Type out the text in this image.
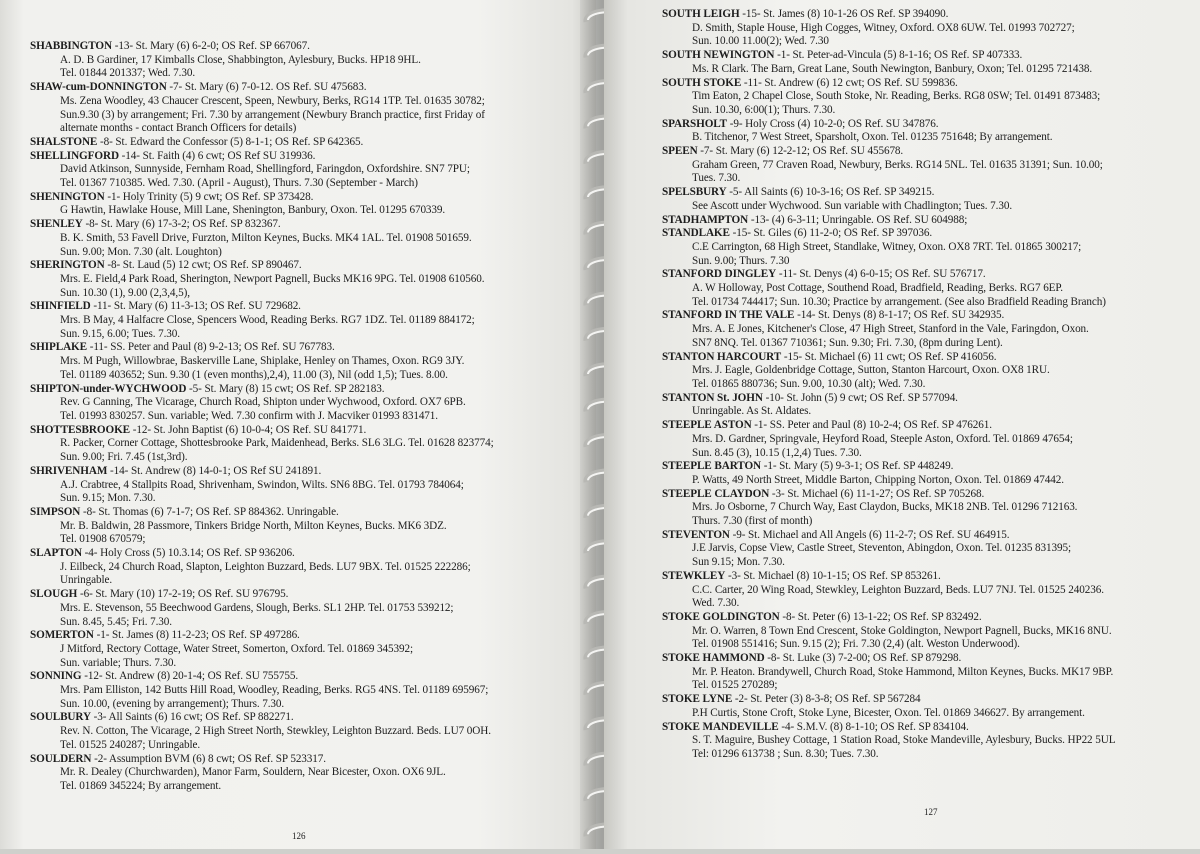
SHABBINGTON -13- St. Mary (6) 6-2-0; OS Ref. SP 667067.
A. D. B Gardiner, 17 Kimballs Close, Shabbington, Aylesbury, Bucks. HP18 9HL.
Tel. 01844 201337; Wed. 7.30.
SHAW-cum-DONNINGTON -7- St. Mary (6) 7-0-12. OS Ref. SU 475683.
Ms. Zena Woodley, 43 Chaucer Crescent, Speen, Newbury, Berks, RG14 1TP. Tel. 01635 30782;
Sun.9.30 (3) by arrangement; Fri. 7.30 by arrangement (Newbury Branch practice, first Friday of
alternate months - contact Branch Officers for details)
SHALSTONE -8- St. Edward the Confessor (5) 8-1-1; OS Ref. SP 642365.
SHELLINGFORD -14- St. Faith (4) 6 cwt; OS Ref SU 319936.
David Atkinson, Sunnyside, Fernham Road, Shellingford, Faringdon, Oxfordshire. SN7 7PU;
Tel. 01367 710385. Wed. 7.30. (April - August), Thurs. 7.30 (September - March)
SHENINGTON -1- Holy Trinity (5) 9 cwt; OS Ref. SP 373428.
G Hawtin, Hawlake House, Mill Lane, Shenington, Banbury, Oxon. Tel. 01295 670339.
SHENLEY -8- St. Mary (6) 17-3-2; OS Ref. SP 832367.
B. K. Smith, 53 Favell Drive, Furzton, Milton Keynes, Bucks. MK4 1AL. Tel. 01908 501659.
Sun. 9.00; Mon. 7.30 (alt. Loughton)
SHERINGTON -8- St. Laud (5) 12 cwt; OS Ref. SP 890467.
Mrs. E. Field,4 Park Road, Sherington, Newport Pagnell, Bucks MK16 9PG. Tel. 01908 610560.
Sun. 10.30 (1), 9.00 (2,3,4,5),
SHINFIELD -11- St. Mary (6) 11-3-13; OS Ref. SU 729682.
Mrs. B May, 4 Halfacre Close, Spencers Wood, Reading Berks. RG7 1DZ. Tel. 01189 884172;
Sun. 9.15, 6.00; Tues. 7.30.
SHIPLAKE -11- SS. Peter and Paul (8) 9-2-13; OS Ref. SU 767783.
Mrs. M Pugh, Willowbrae, Baskerville Lane, Shiplake, Henley on Thames, Oxon. RG9 3JY.
Tel. 01189 403652; Sun. 9.30 (1 (even months),2,4), 11.00 (3), Nil (odd 1,5); Tues. 8.00.
SHIPTON-under-WYCHWOOD -5- St. Mary (8) 15 cwt; OS Ref. SP 282183.
Rev. G Canning, The Vicarage, Church Road, Shipton under Wychwood, Oxford. OX7 6PB.
Tel. 01993 830257. Sun. variable; Wed. 7.30 confirm with J. Macviker 01993 831471.
SHOTTESBROOKE -12- St. John Baptist (6) 10-0-4; OS Ref. SU 841771.
R. Packer, Corner Cottage, Shottesbrooke Park, Maidenhead, Berks. SL6 3LG. Tel. 01628 823774;
Sun. 9.00; Fri. 7.45 (1st,3rd).
SHRIVENHAM -14- St. Andrew (8) 14-0-1; OS Ref SU 241891.
A.J. Crabtree, 4 Stallpits Road, Shrivenham, Swindon, Wilts. SN6 8BG. Tel. 01793 784064;
Sun. 9.15; Mon. 7.30.
SIMPSON -8- St. Thomas (6) 7-1-7; OS Ref. SP 884362. Unringable.
Mr. B. Baldwin, 28 Passmore, Tinkers Bridge North, Milton Keynes, Bucks. MK6 3DZ.
Tel. 01908 670579;
SLAPTON -4- Holy Cross (5) 10.3.14; OS Ref. SP 936206.
J. Eilbeck, 24 Church Road, Slapton, Leighton Buzzard, Beds. LU7 9BX. Tel. 01525 222286;
Unringable.
SLOUGH -6- St. Mary (10) 17-2-19; OS Ref. SU 976795.
Mrs. E. Stevenson, 55 Beechwood Gardens, Slough, Berks. SL1 2HP. Tel. 01753 539212;
Sun. 8.45, 5.45; Fri. 7.30.
SOMERTON -1- St. James (8) 11-2-23; OS Ref. SP 497286.
J Mitford, Rectory Cottage, Water Street, Somerton, Oxford. Tel. 01869 345392;
Sun. variable; Thurs. 7.30.
SONNING -12- St. Andrew (8) 20-1-4; OS Ref. SU 755755.
Mrs. Pam Elliston, 142 Butts Hill Road, Woodley, Reading, Berks. RG5 4NS. Tel. 01189 695967;
Sun. 10.00, (evening by arrangement); Thurs. 7.30.
SOULBURY -3- All Saints (6) 16 cwt; OS Ref. SP 882271.
Rev. N. Cotton, The Vicarage, 2 High Street North, Stewkley, Leighton Buzzard. Beds. LU7 0OH.
Tel. 01525 240287; Unringable.
SOULDERN -2- Assumption BVM (6) 8 cwt; OS Ref. SP 523317.
Mr. R. Dealey (Churchwarden), Manor Farm, Souldern, Near Bicester, Oxon. OX6 9JL.
Tel. 01869 345224; By arrangement.
126
SOUTH LEIGH -15- St. James (8) 10-1-26 OS Ref. SP 394090.
D. Smith, Staple House, High Cogges, Witney, Oxford. OX8 6UW. Tel. 01993 702727;
Sun. 10.00 11.00(2); Wed. 7.30
SOUTH NEWINGTON -1- St. Peter-ad-Vincula (5) 8-1-16; OS Ref. SP 407333.
Ms. R Clark. The Barn, Great Lane, South Newington, Banbury, Oxon; Tel. 01295 721438.
SOUTH STOKE -11- St. Andrew (6) 12 cwt; OS Ref. SU 599836.
Tim Eaton, 2 Chapel Close, South Stoke, Nr. Reading, Berks. RG8 0SW; Tel. 01491 873483;
Sun. 10.30, 6:00(1); Thurs. 7.30.
SPARSHOLT -9- Holy Cross (4) 10-2-0; OS Ref. SU 347876.
B. Titchenor, 7 West Street, Sparsholt, Oxon. Tel. 01235 751648; By arrangement.
SPEEN -7- St. Mary (6) 12-2-12; OS Ref. SU 455678.
Graham Green, 77 Craven Road, Newbury, Berks. RG14 5NL. Tel. 01635 31391; Sun. 10.00;
Tues. 7.30.
SPELSBURY -5- All Saints (6) 10-3-16; OS Ref. SP 349215.
See Ascott under Wychwood. Sun variable with Chadlington; Tues. 7.30.
STADHAMPTON -13- (4) 6-3-11; Unringable. OS Ref. SU 604988;
STANDLAKE -15- St. Giles (6) 11-2-0; OS Ref. SP 397036.
C.E Carrington, 68 High Street, Standlake, Witney, Oxon. OX8 7RT. Tel. 01865 300217;
Sun. 9.00; Thurs. 7.30
STANFORD DINGLEY -11- St. Denys (4) 6-0-15; OS Ref. SU 576717.
A. W Holloway, Post Cottage, Southend Road, Bradfield, Reading, Berks. RG7 6EP.
Tel. 01734 744417; Sun. 10.30; Practice by arrangement. (See also Bradfield Reading Branch)
STANFORD IN THE VALE -14- St. Denys (8) 8-1-17; OS Ref. SU 342935.
Mrs. A. E Jones, Kitchener's Close, 47 High Street, Stanford in the Vale, Faringdon, Oxon.
SN7 8NQ. Tel. 01367 710361; Sun. 9.30; Fri. 7.30, (8pm during Lent).
STANTON HARCOURT -15- St. Michael (6) 11 cwt; OS Ref. SP 416056.
Mrs. J. Eagle, Goldenbridge Cottage, Sutton, Stanton Harcourt, Oxon. OX8 1RU.
Tel. 01865 880736; Sun. 9.00, 10.30 (alt); Wed. 7.30.
STANTON St. JOHN -10- St. John (5) 9 cwt; OS Ref. SP 577094.
Unringable. As St. Aldates.
STEEPLE ASTON -1- SS. Peter and Paul (8) 10-2-4; OS Ref. SP 476261.
Mrs. D. Gardner, Springvale, Heyford Road, Steeple Aston, Oxford. Tel. 01869 47654;
Sun. 8.45 (3), 10.15 (1,2,4) Tues. 7.30.
STEEPLE BARTON -1- St. Mary (5) 9-3-1; OS Ref. SP 448249.
P. Watts, 49 North Street, Middle Barton, Chipping Norton, Oxon. Tel. 01869 47442.
STEEPLE CLAYDON -3- St. Michael (6) 11-1-27; OS Ref. SP 705268.
Mrs. Jo Osborne, 7 Church Way, East Claydon, Bucks, MK18 2NB. Tel. 01296 712163.
Thurs. 7.30 (first of month)
STEVENTON -9- St. Michael and All Angels (6) 11-2-7; OS Ref. SU 464915.
J.E Jarvis, Copse View, Castle Street, Steventon, Abingdon, Oxon. Tel. 01235 831395;
Sun 9.15; Mon. 7.30.
STEWKLEY -3- St. Michael (8) 10-1-15; OS Ref. SP 853261.
C.C. Carter, 20 Wing Road, Stewkley, Leighton Buzzard, Beds. LU7 7NJ. Tel. 01525 240236.
Wed. 7.30.
STOKE GOLDINGTON -8- St. Peter (6) 13-1-22; OS Ref. SP 832492.
Mr. O. Warren, 8 Town End Crescent, Stoke Goldington, Newport Pagnell, Bucks, MK16 8NU.
Tel. 01908 551416; Sun. 9.15 (2); Fri. 7.30 (2,4) (alt. Weston Underwood).
STOKE HAMMOND -8- St. Luke (3) 7-2-00; OS Ref. SP 879298.
Mr. P. Heaton. Brandywell, Church Road, Stoke Hammond, Milton Keynes, Bucks. MK17 9BP.
Tel. 01525 270289;
STOKE LYNE -2- St. Peter (3) 8-3-8; OS Ref. SP 567284
P.H Curtis, Stone Croft, Stoke Lyne, Bicester, Oxon. Tel. 01869 346627. By arrangement.
STOKE MANDEVILLE -4- S.M.V. (8) 8-1-10; OS Ref. SP 834104.
S. T. Maguire, Bushey Cottage, 1 Station Road, Stoke Mandeville, Aylesbury, Bucks. HP22 5UL
Tel: 01296 613738 ; Sun. 8.30; Tues. 7.30.
127
